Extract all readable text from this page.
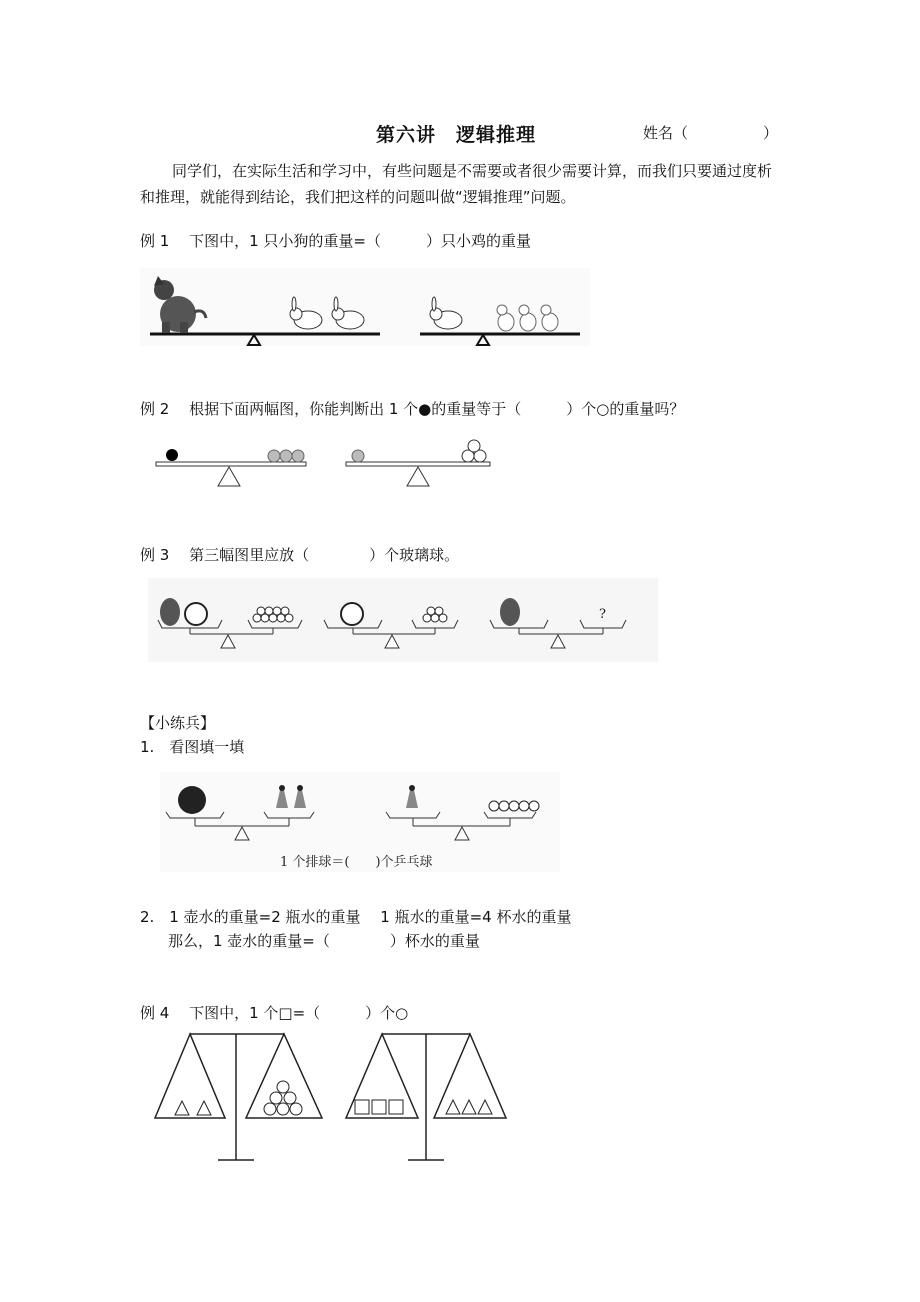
第六讲　逻辑推理	姓名（　　　　　）
同学们，在实际生活和学习中，有些问题是不需要或者很少需要计算，而我们只要通过度析和推理，就能得到结论，我们把这样的问题叫做“逻辑推理”问题。
例 1　 下图中，1 只小狗的重量=（　　　）只小鸡的重量
例 2　 根据下面两幅图，你能判断出 1 个●的重量等于（　　　）个○的重量吗？
例 3　 第三幅图里应放（　　　　）个玻璃球。
?
【小练兵】
1.　看图填一填
1 个排球＝(　　)个乒乓球
2.　1 壶水的重量=2 瓶水的重量　 1 瓶水的重量=4 杯水的重量
那么，1 壶水的重量=（　　　　）杯水的重量
例 4　 下图中，1 个□=（　　　）个○
